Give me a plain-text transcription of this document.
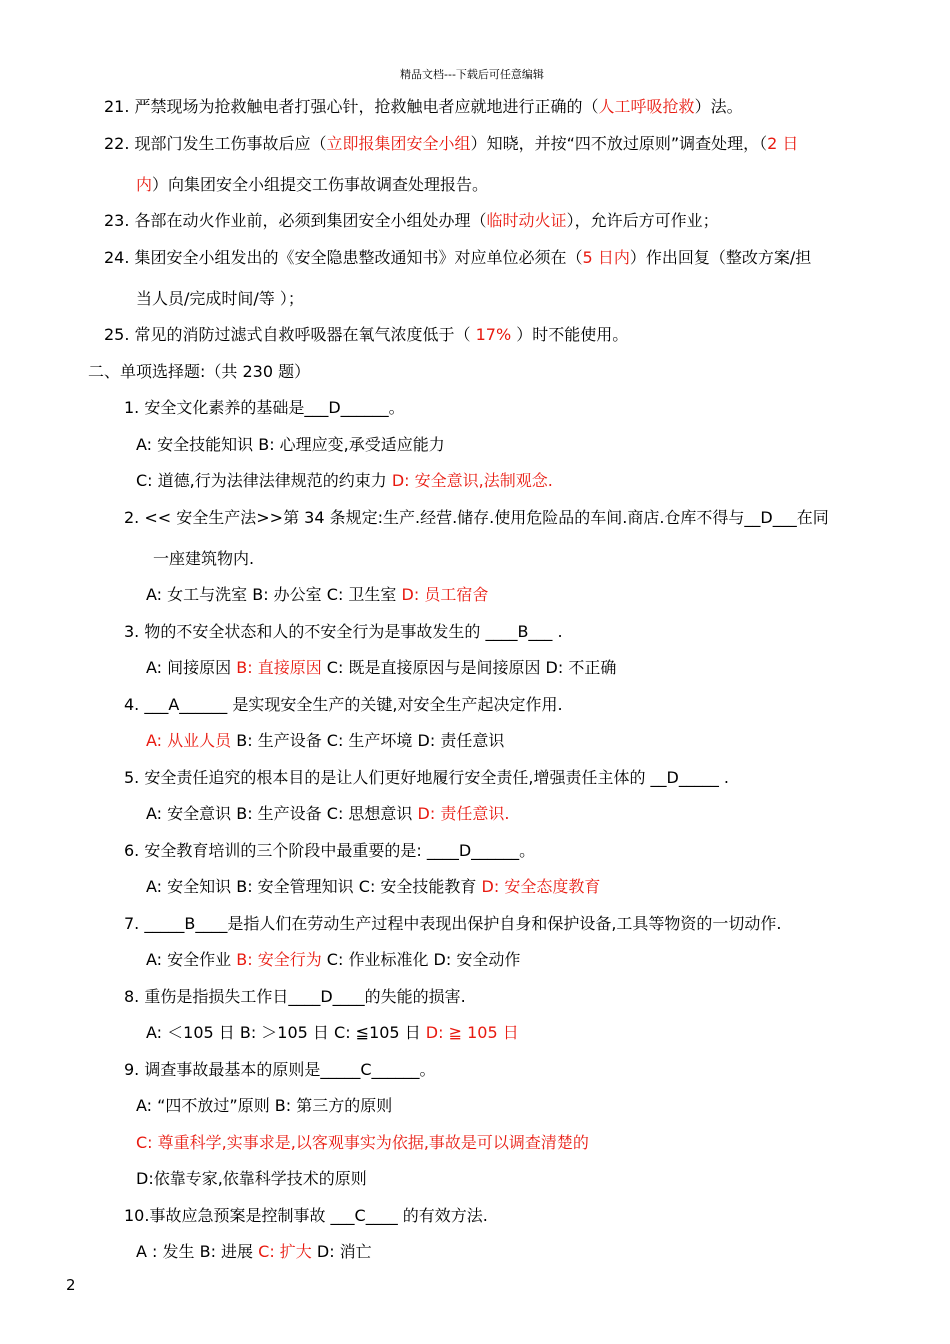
精品文档---下载后可任意编辑
21. 严禁现场为抢救触电者打强心针，抢救触电者应就地进行正确的（人工呼吸抢救）法。
22. 现部门发生工伤事故后应（立即报集团安全小组）知晓，并按“四不放过原则”调查处理，（2 日
内）向集团安全小组提交工伤事故调查处理报告。
23. 各部在动火作业前，必须到集团安全小组处办理（临时动火证），允许后方可作业；
24. 集团安全小组发出的《安全隐患整改通知书》对应单位必须在（5 日内）作出回复（整改方案/担
当人员/完成时间/等 ）；
25. 常见的消防过滤式自救呼吸器在氧气浓度低于（ 17% ）时不能使用。
二、单项选择题:（共 230 题）
1. 安全文化素养的基础是___D______。
A: 安全技能知识 B: 心理应变,承受适应能力
C: 道德,行为法律法律规范的约束力 D: 安全意识,法制观念.
2. << 安全生产法>>第 34 条规定:生产.经营.储存.使用危险品的车间.商店.仓库不得与__D___在同
一座建筑物内.
A: 女工与洗室 B: 办公室 C: 卫生室 D: 员工宿舍
3. 物的不安全状态和人的不安全行为是事故发生的 ____B___ .
A: 间接原因 B: 直接原因 C: 既是直接原因与是间接原因 D: 不正确
4. ___A______ 是实现安全生产的关键,对安全生产起决定作用.
A: 从业人员 B: 生产设备 C: 生产坏境 D: 责任意识
5. 安全责任追究的根本目的是让人们更好地履行安全责任,增强责任主体的 __D_____ .
A: 安全意识 B: 生产设备 C: 思想意识 D: 责任意识.
6. 安全教育培训的三个阶段中最重要的是: ____D______。
A: 安全知识 B: 安全管理知识 C: 安全技能教育 D: 安全态度教育
7. _____B____是指人们在劳动生产过程中表现出保护自身和保护设备,工具等物资的一切动作.
A: 安全作业 B: 安全行为 C: 作业标准化 D: 安全动作
8. 重伤是指损失工作日____D____的失能的损害.
A: ＜105 日 B: ＞105 日 C: ≦105 日 D: ≧ 105 日
9. 调查事故最基本的原则是_____C______。
A: “四不放过”原则 B: 第三方的原则
C: 尊重科学,实事求是,以客观事实为依据,事故是可以调查清楚的
D:依靠专家,依靠科学技术的原则
10.事故应急预案是控制事故 ___C____ 的有效方法.
A : 发生 B: 进展 C: 扩大 D: 消亡
2
